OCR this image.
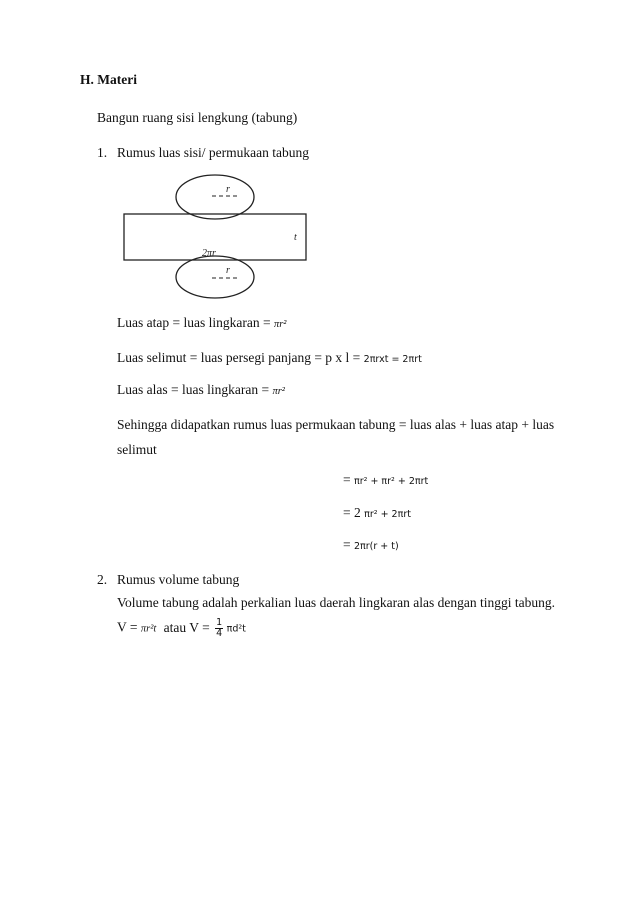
H. Materi
Bangun ruang sisi lengkung (tabung)
1. Rumus luas sisi/ permukaan tabung
r
t
2πr
r
Luas atap = luas lingkaran = πr²
Luas selimut = luas persegi panjang = p x l = 2πrxt = 2πrt
Luas alas = luas lingkaran = πr²
Sehingga didapatkan rumus luas permukaan tabung = luas alas + luas atap + luas
selimut
= πr² + πr² + 2πrt
= 2 πr² + 2πrt
= 2πr(r + t)
2. Rumus volume tabung
Volume tabung adalah perkalian luas daerah lingkaran alas dengan tinggi tabung.
V = πr²t atau $V = \frac{1}{4} \pi d^2t$
